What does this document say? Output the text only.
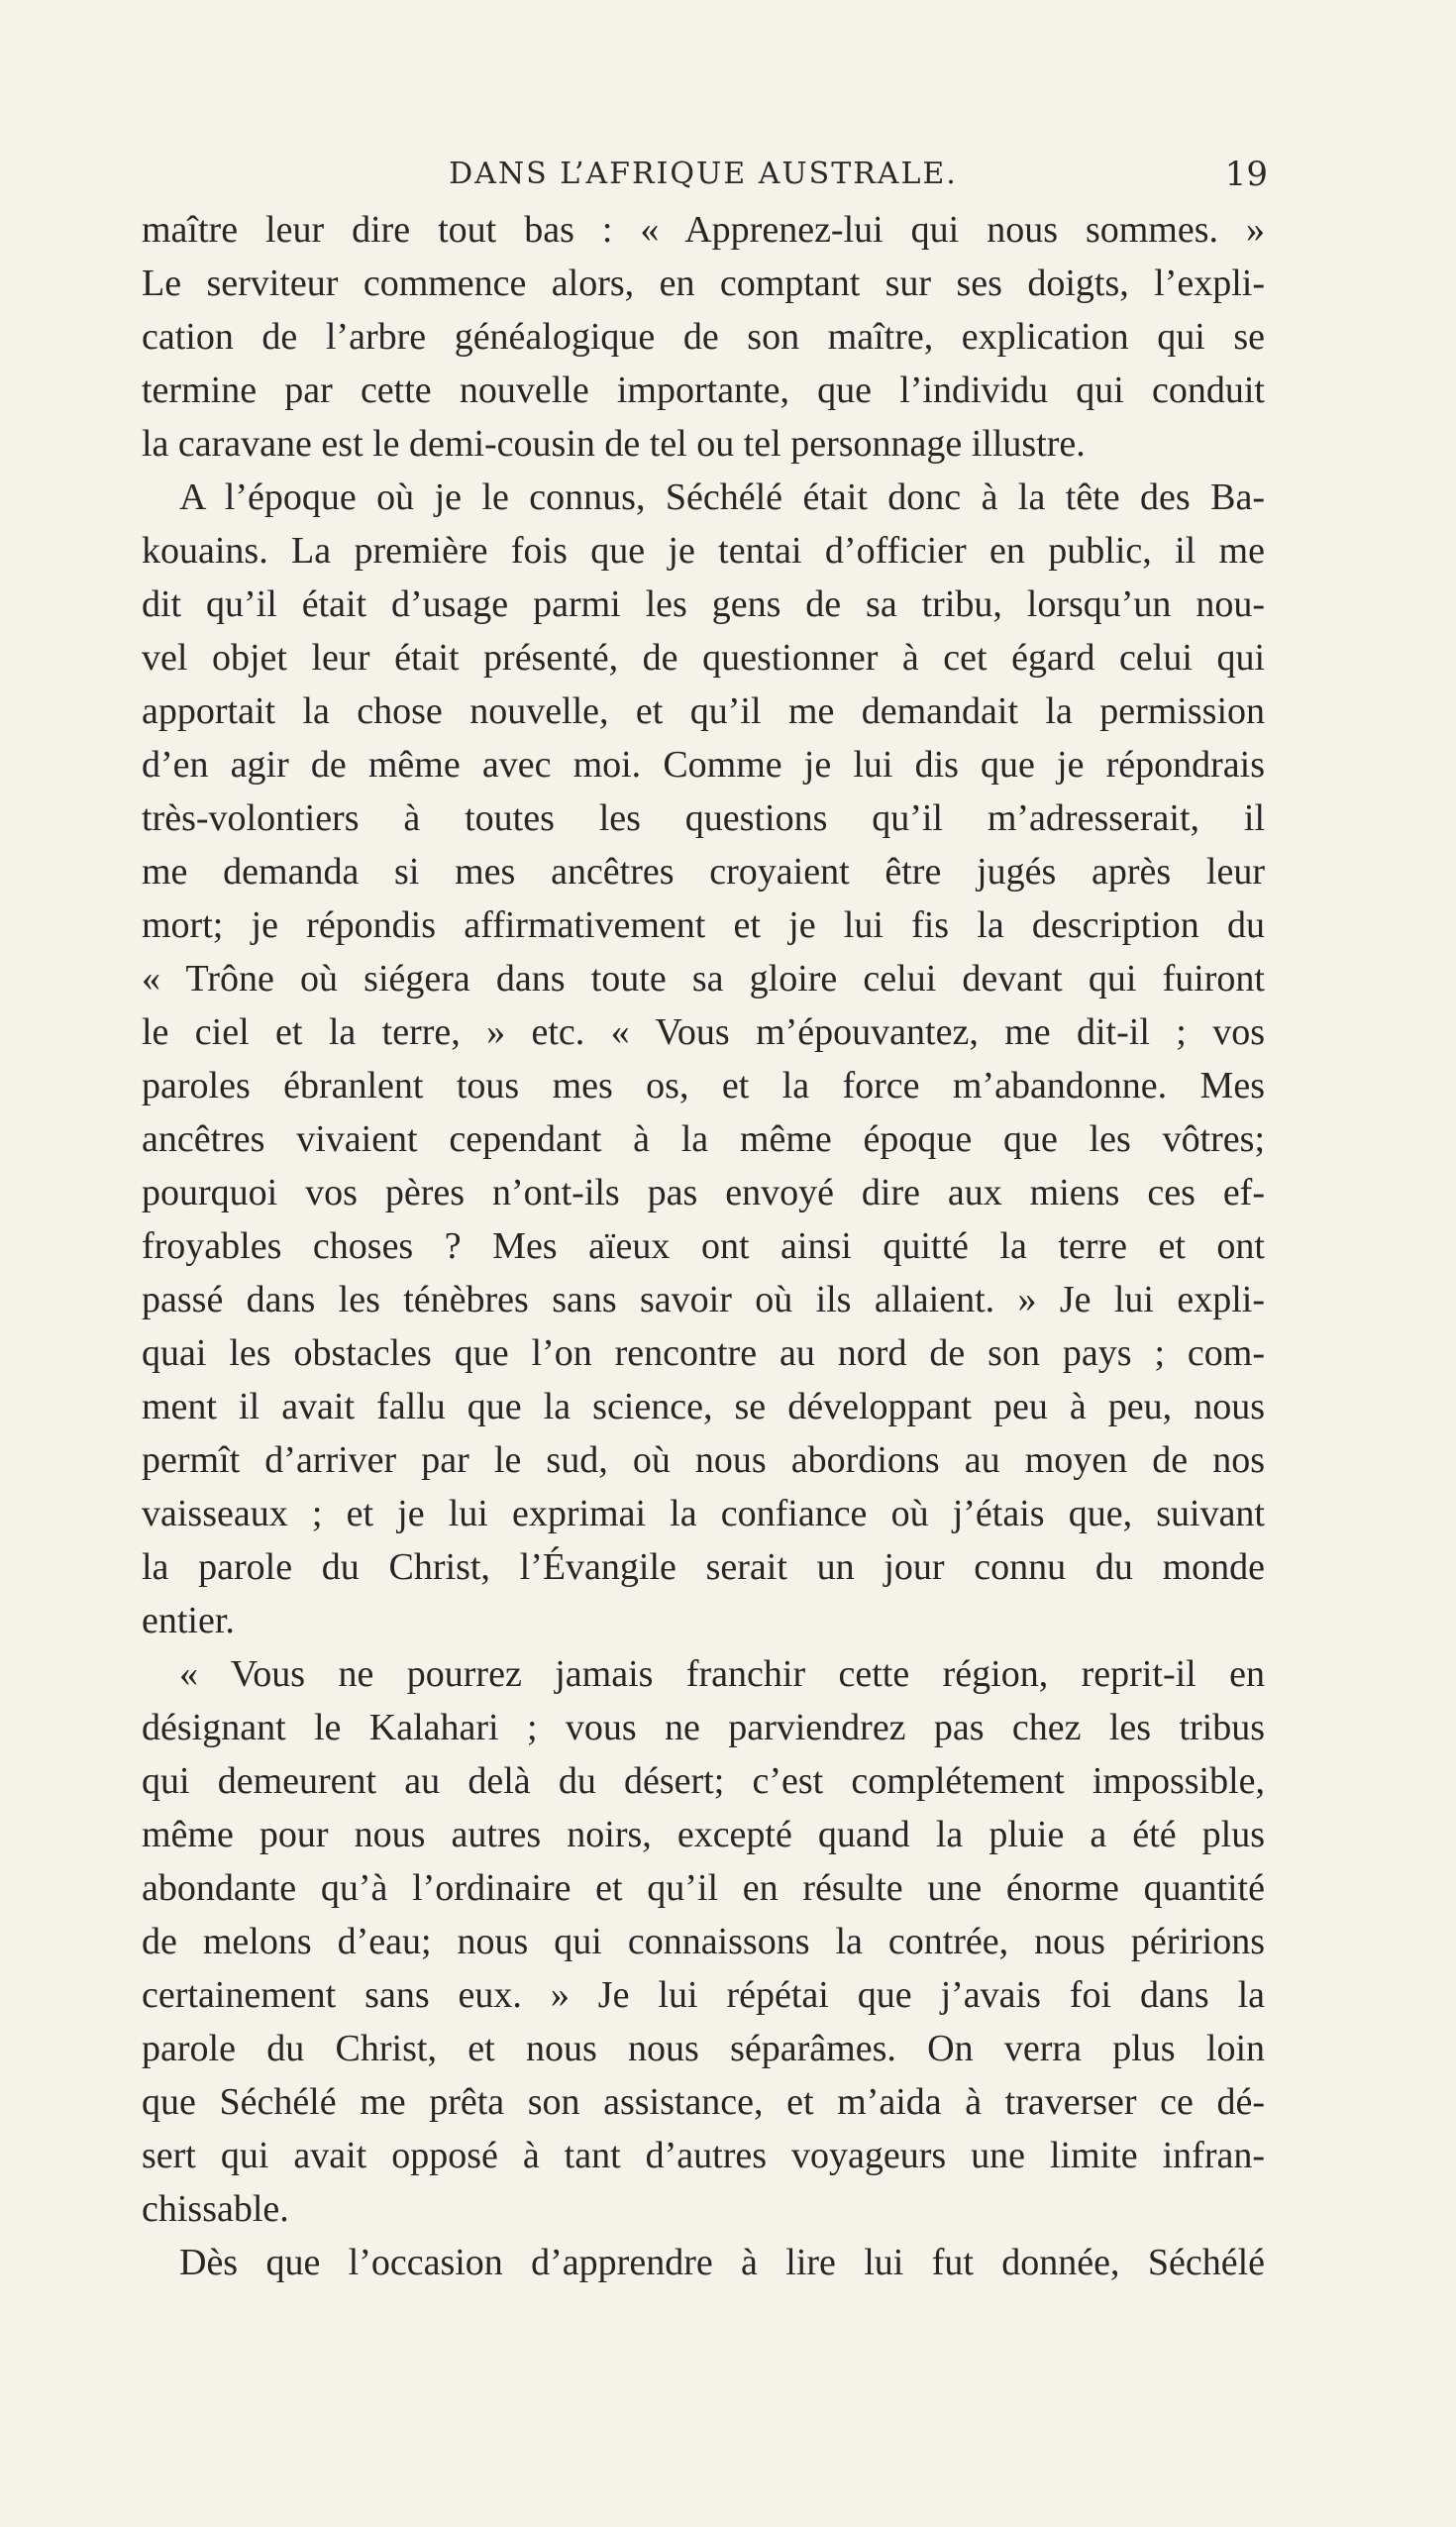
DANS L’AFRIQUE AUSTRALE.	19
maître leur dire tout bas : « Apprenez-lui qui nous sommes. »
Le serviteur commence alors, en comptant sur ses doigts, l’expli-
cation de l’arbre généalogique de son maître, explication qui se
termine par cette nouvelle importante, que l’individu qui conduit
la caravane est le demi-cousin de tel ou tel personnage illustre.
A l’époque où je le connus, Séchélé était donc à la tête des Ba-
kouains. La première fois que je tentai d’officier en public, il me
dit qu’il était d’usage parmi les gens de sa tribu, lorsqu’un nou-
vel objet leur était présenté, de questionner à cet égard celui qui
apportait la chose nouvelle, et qu’il me demandait la permission
d’en agir de même avec moi. Comme je lui dis que je répondrais
très-volontiers à toutes les questions qu’il m’adresserait, il
me demanda si mes ancêtres croyaient être jugés après leur
mort; je répondis affirmativement et je lui fis la description du
« Trône où siégera dans toute sa gloire celui devant qui fuiront
le ciel et la terre, » etc. « Vous m’épouvantez, me dit-il ; vos
paroles ébranlent tous mes os, et la force m’abandonne. Mes
ancêtres vivaient cependant à la même époque que les vôtres;
pourquoi vos pères n’ont-ils pas envoyé dire aux miens ces ef-
froyables choses ? Mes aïeux ont ainsi quitté la terre et ont
passé dans les ténèbres sans savoir où ils allaient. » Je lui expli-
quai les obstacles que l’on rencontre au nord de son pays ; com-
ment il avait fallu que la science, se développant peu à peu, nous
permît d’arriver par le sud, où nous abordions au moyen de nos
vaisseaux ; et je lui exprimai la confiance où j’étais que, suivant
la parole du Christ, l’Évangile serait un jour connu du monde
entier.
« Vous ne pourrez jamais franchir cette région, reprit-il en
désignant le Kalahari ; vous ne parviendrez pas chez les tribus
qui demeurent au delà du désert; c’est complétement impossible,
même pour nous autres noirs, excepté quand la pluie a été plus
abondante qu’à l’ordinaire et qu’il en résulte une énorme quantité
de melons d’eau; nous qui connaissons la contrée, nous péririons
certainement sans eux. » Je lui répétai que j’avais foi dans la
parole du Christ, et nous nous séparâmes. On verra plus loin
que Séchélé me prêta son assistance, et m’aida à traverser ce dé-
sert qui avait opposé à tant d’autres voyageurs une limite infran-
chissable.
Dès que l’occasion d’apprendre à lire lui fut donnée, Séchélé
